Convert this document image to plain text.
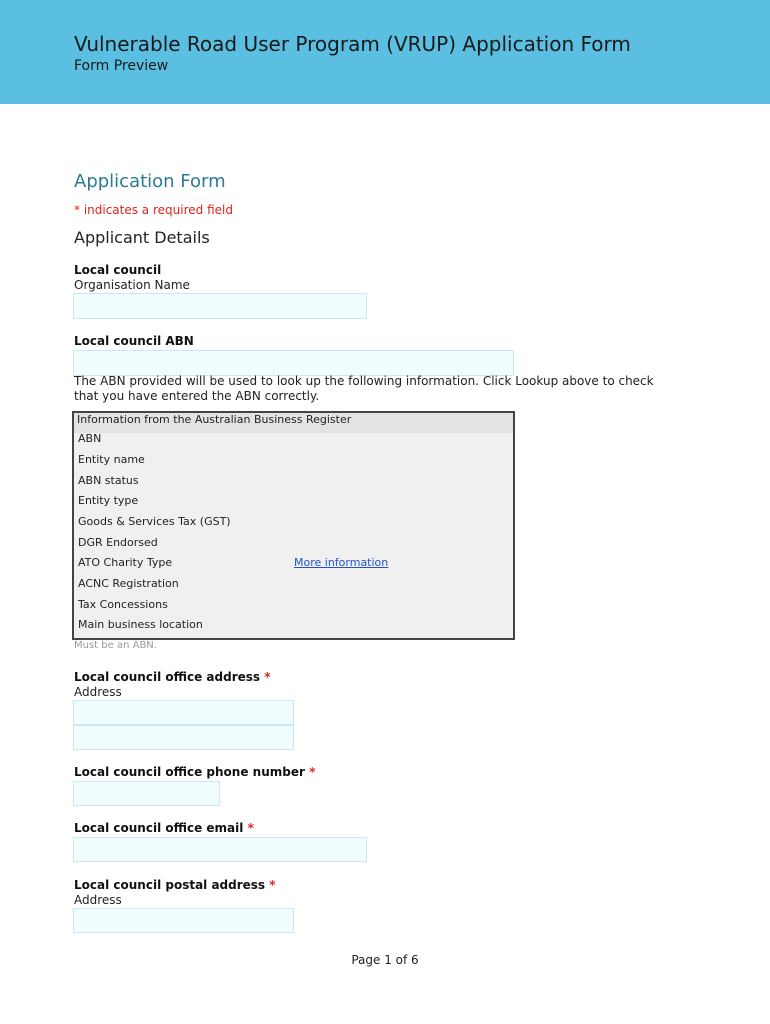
Vulnerable Road User Program (VRUP) Application Form
Form Preview
Application Form
* indicates a required field
Applicant Details
Local council
Organisation Name
Local council ABN
The ABN provided will be used to look up the following information. Click Lookup above to check that you have entered the ABN correctly.
Information from the Australian Business Register
ABN
Entity name
ABN status
Entity type
Goods & Services Tax (GST)
DGR Endorsed
ATO Charity Type	More information
ACNC Registration
Tax Concessions
Main business location
Must be an ABN.
Local council office address *
Address
Local council office phone number *
Local council office email *
Local council postal address *
Address
Page 1 of 6
